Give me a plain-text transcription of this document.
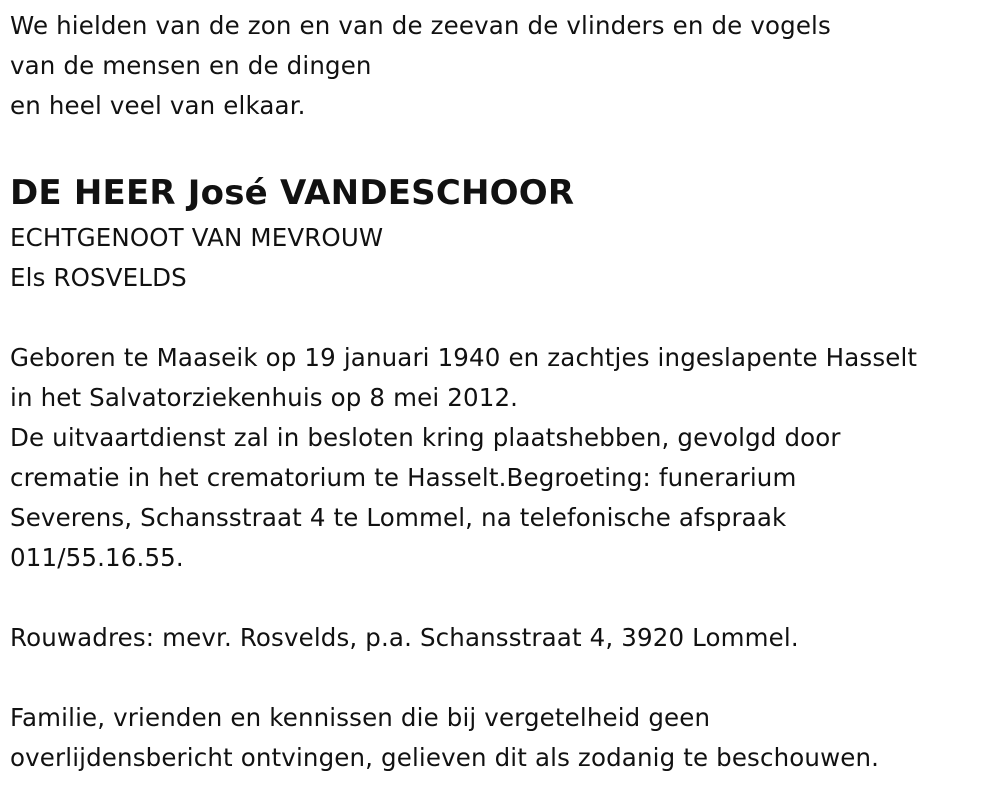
We hielden van de zon en van de zeevan de vlinders en de vogels
van de mensen en de dingen
en heel veel van elkaar.
DE HEER José VANDESCHOOR
ECHTGENOOT VAN MEVROUW
Els ROSVELDS
Geboren te Maaseik op 19 januari 1940 en zachtjes ingeslapente Hasselt
in het Salvatorziekenhuis op 8 mei 2012.
De uitvaartdienst zal in besloten kring plaatshebben, gevolgd door
crematie in het crematorium te Hasselt.Begroeting: funerarium
Severens, Schansstraat 4 te Lommel, na telefonische afspraak
011/55.16.55.
Rouwadres: mevr. Rosvelds, p.a. Schansstraat 4, 3920 Lommel.
Familie, vrienden en kennissen die bij vergetelheid geen
overlijdensbericht ontvingen, gelieven dit als zodanig te beschouwen.
